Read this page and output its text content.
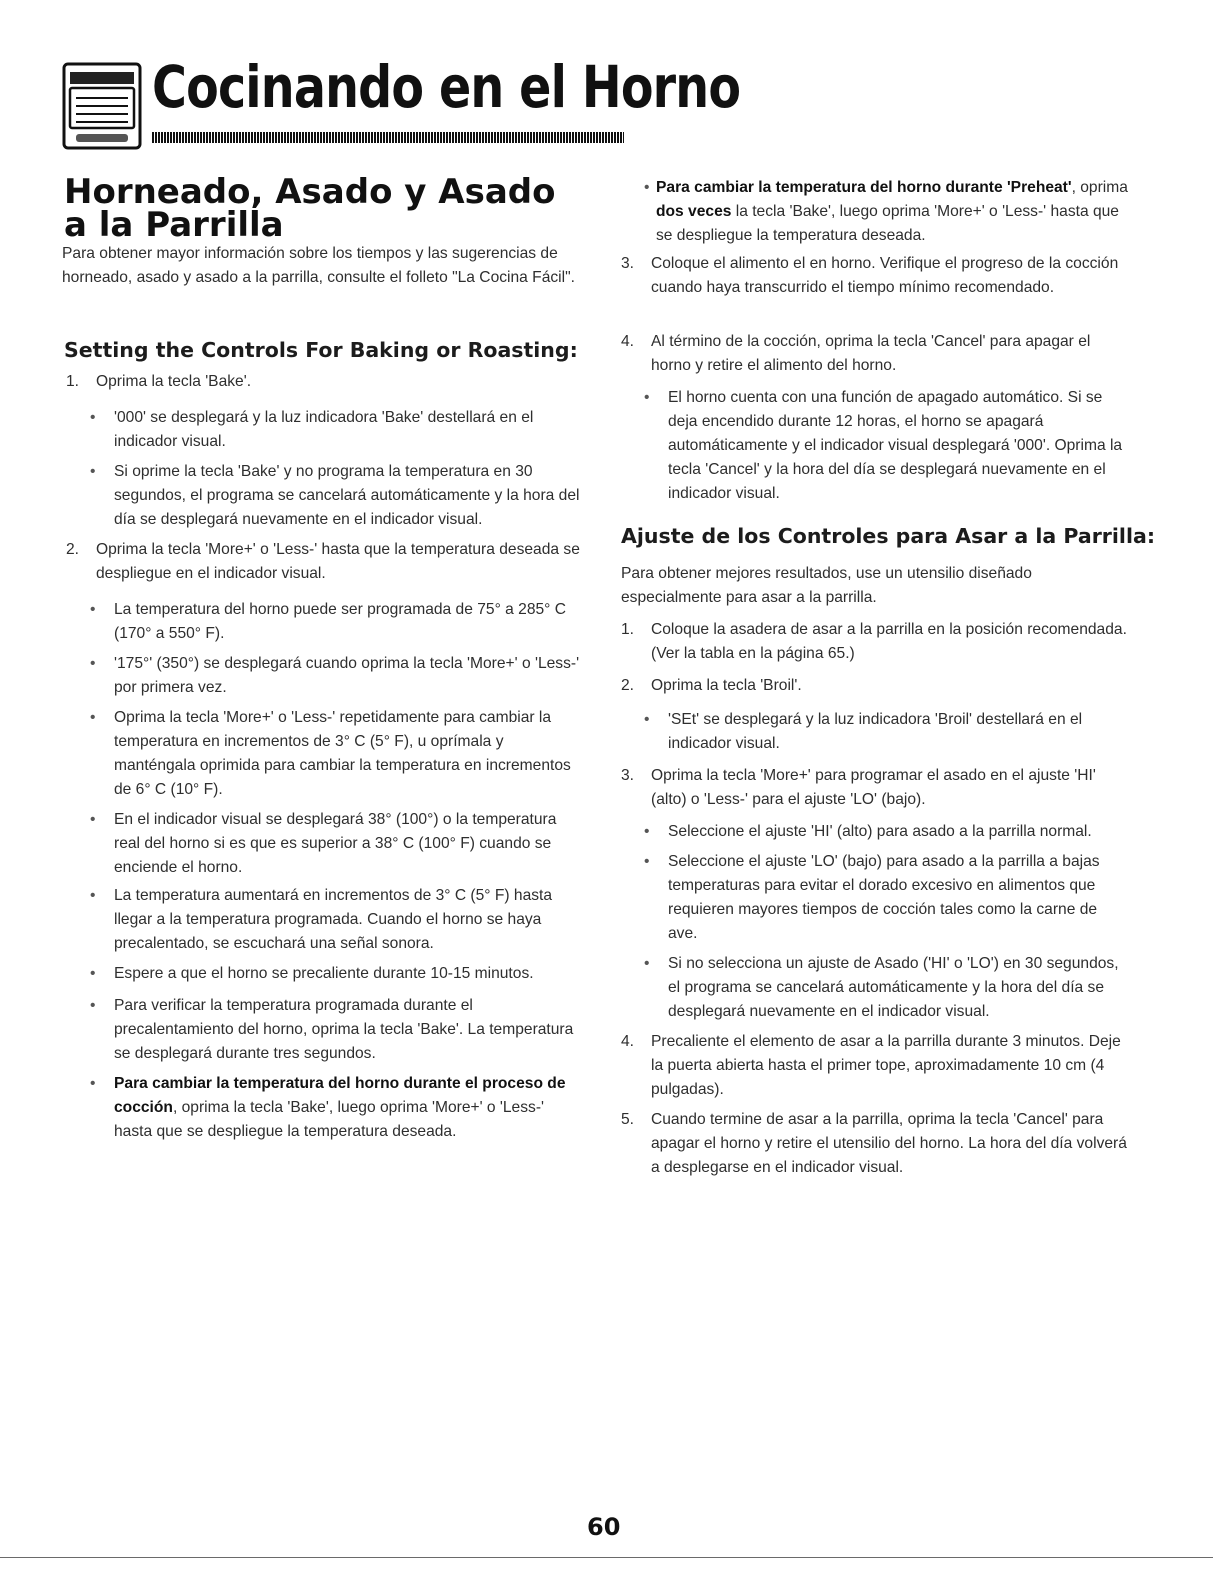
Cocinando en el Horno
Horneado, Asado y Asado
a la Parrilla

Para obtener mayor información sobre los tiempos y las sugerencias de horneado, asado y asado a la parrilla, consulte el folleto "La Cocina Fácil".

Setting the Controls For Baking or Roasting:
1. Oprima la tecla 'Bake'.
• '000' se desplegará y la luz indicadora 'Bake' destellará en el indicador visual.
• Si oprime la tecla 'Bake' y no programa la temperatura en 30 segundos, el programa se cancelará automáticamente y la hora del día se desplegará nuevamente en el indicador visual.
2. Oprima la tecla 'More+' o 'Less-' hasta que la temperatura deseada se despliegue en el indicador visual.
• La temperatura del horno puede ser programada de 75° a 285° C (170° a 550° F).
• '175°' (350°) se desplegará cuando oprima la tecla 'More+' o 'Less-' por primera vez.
• Oprima la tecla 'More+' o 'Less-' repetidamente para cambiar la temperatura en incrementos de 3° C (5° F), u oprímala y manténgala oprimida para cambiar la temperatura en incrementos de 6° C (10° F).
• En el indicador visual se desplegará 38° (100°) o la temperatura real del horno si es que es superior a 38° C (100° F) cuando se enciende el horno.
• La temperatura aumentará en incrementos de 3° C (5° F) hasta llegar a la temperatura programada. Cuando el horno se haya precalentado, se escuchará una señal sonora.
• Espere a que el horno se precaliente durante 10-15 minutos.
• Para verificar la temperatura programada durante el precalentamiento del horno, oprima la tecla 'Bake'. La temperatura se desplegará durante tres segundos.
• Para cambiar la temperatura del horno durante el proceso de cocción, oprima la tecla 'Bake', luego oprima 'More+' o 'Less-' hasta que se despliegue la temperatura deseada.
• Para cambiar la temperatura del horno durante 'Preheat', oprima dos veces la tecla 'Bake', luego oprima 'More+' o 'Less-' hasta que se despliegue la temperatura deseada.
3. Coloque el alimento el en horno. Verifique el progreso de la cocción cuando haya transcurrido el tiempo mínimo recomendado.
4. Al término de la cocción, oprima la tecla 'Cancel' para apagar el horno y retire el alimento del horno.
• El horno cuenta con una función de apagado automático. Si se deja encendido durante 12 horas, el horno se apagará automáticamente y el indicador visual desplegará '000'. Oprima la tecla 'Cancel' y la hora del día se desplegará nuevamente en el indicador visual.
Ajuste de los Controles para Asar a la Parrilla:

Para obtener mejores resultados, use un utensilio diseñado especialmente para asar a la parrilla.

1. Coloque la asadera de asar a la parrilla en la posición recomendada. (Ver la tabla en la página 65.)
2. Oprima la tecla 'Broil'.
• 'SEt' se desplegará y la luz indicadora 'Broil' destellará en el indicador visual.
3. Oprima la tecla 'More+' para programar el asado en el ajuste 'HI' (alto) o 'Less-' para el ajuste 'LO' (bajo).
• Seleccione el ajuste 'HI' (alto) para asado a la parrilla normal.
• Seleccione el ajuste 'LO' (bajo) para asado a la parrilla a bajas temperaturas para evitar el dorado excesivo en alimentos que requieren mayores tiempos de cocción tales como la carne de ave.
• Si no selecciona un ajuste de Asado ('HI' o 'LO') en 30 segundos, el programa se cancelará automáticamente y la hora del día se desplegará nuevamente en el indicador visual.
4. Precaliente el elemento de asar a la parrilla durante 3 minutos. Deje la puerta abierta hasta el primer tope, aproximadamente 10 cm (4 pulgadas).
5. Cuando termine de asar a la parrilla, oprima la tecla 'Cancel' para apagar el horno y retire el utensilio del horno. La hora del día volverá a desplegarse en el indicador visual.
60
